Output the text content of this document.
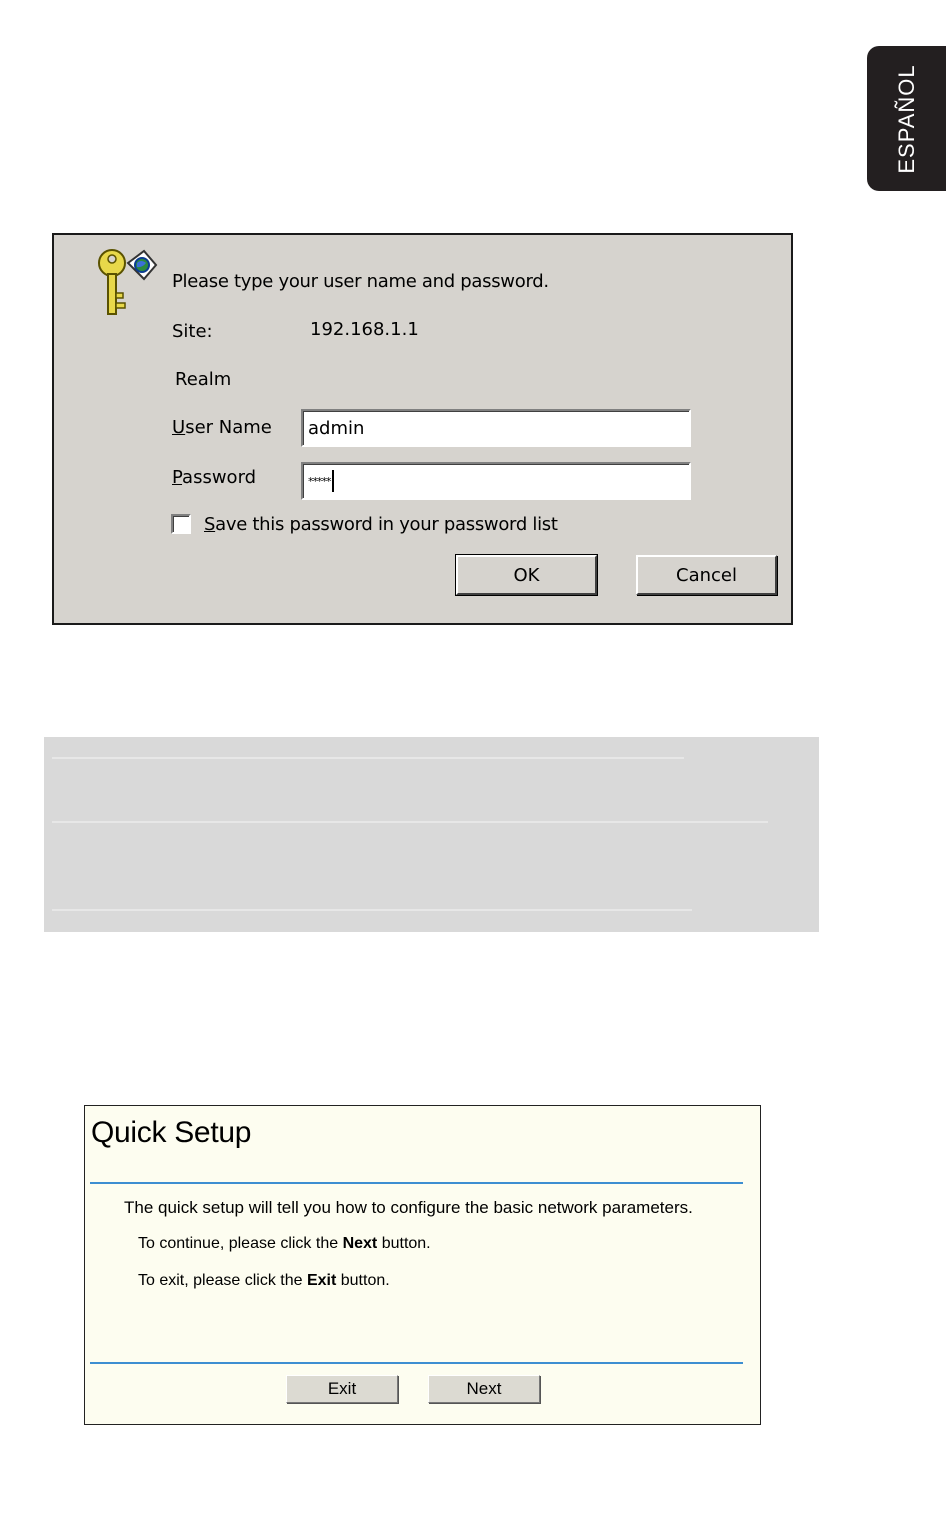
ESPAÑOL
Please type your user name and password.
Site:	192.168.1.1
Realm
User Name admin
Password	*****
Save this password in your password list
OK	Cancel
Quick Setup
The quick setup will tell you how to configure the basic network parameters.
To continue, please click the Next button.
To exit, please click the Exit button.
Exit	Next
